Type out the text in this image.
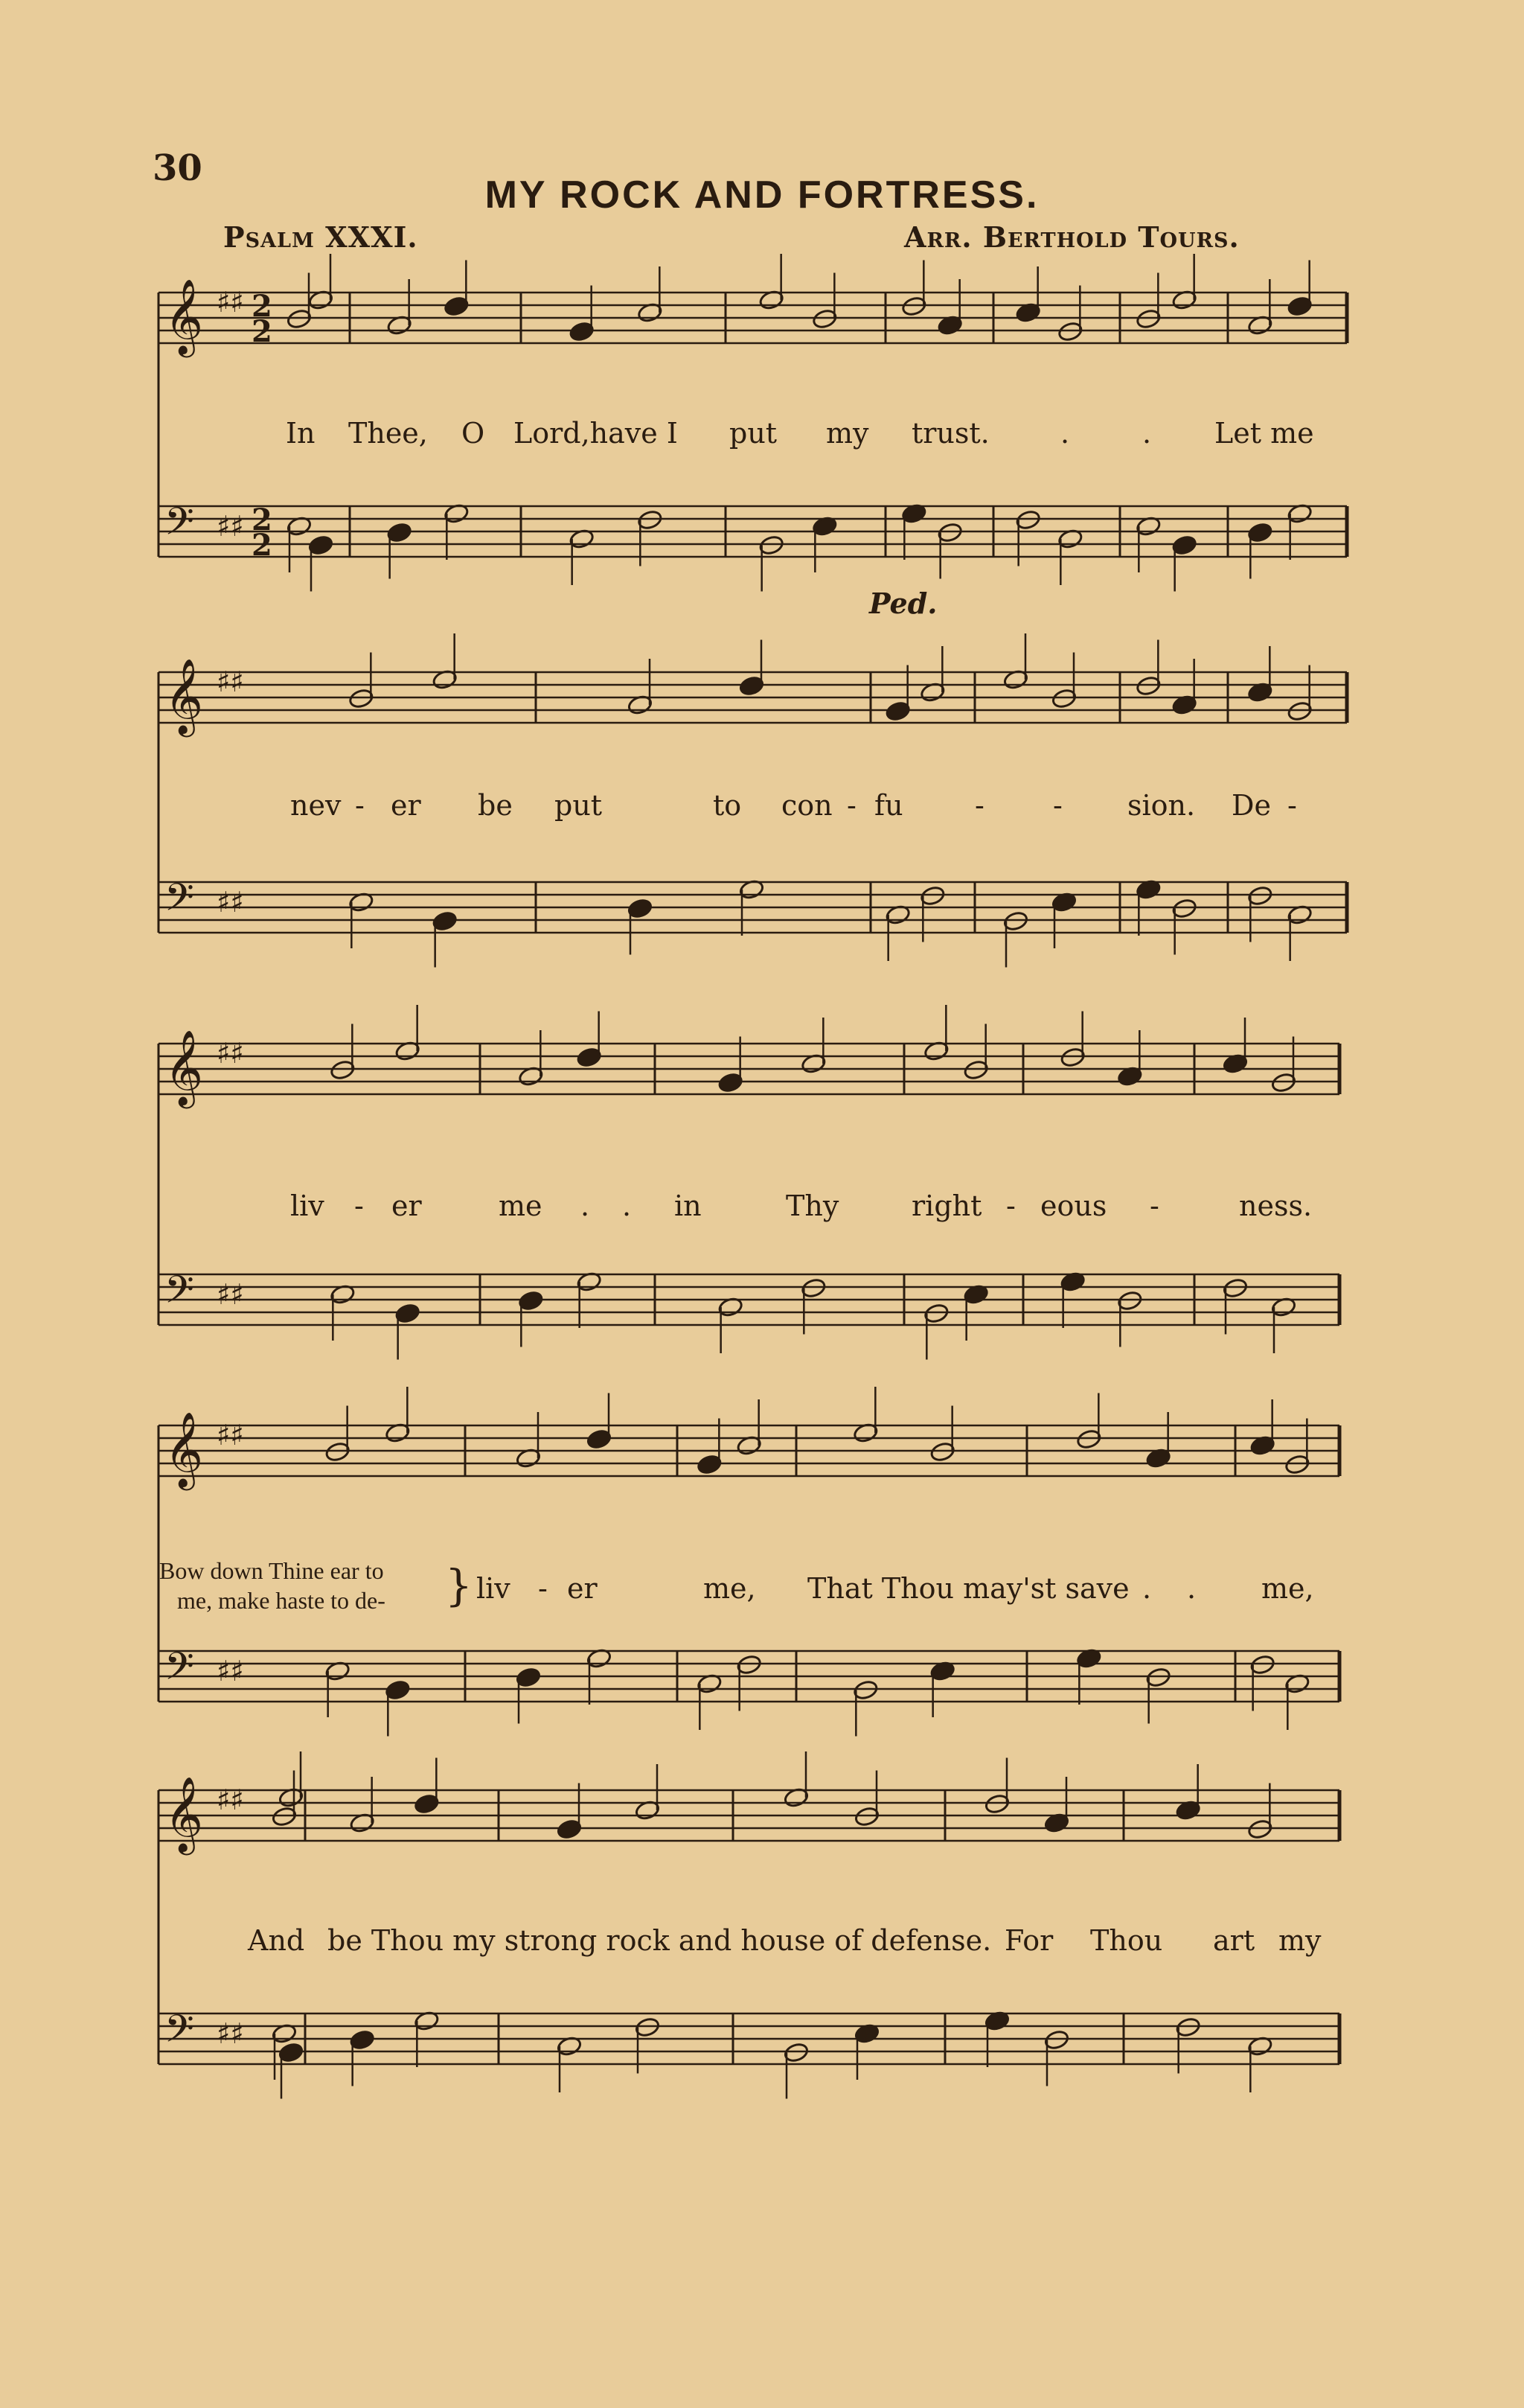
30
MY ROCK AND FORTRESS.
Psalm XXXI.	Arr. Berthold Tours.
𝄞 ♯♯
𝄢 ♯♯
2
2
2
2
𝄞 ♯♯
𝄢 ♯♯
𝄞 ♯♯
𝄢 ♯♯
𝄞 ♯♯
𝄢 ♯♯
𝄞 ♯♯
𝄢 ♯♯
In Thee, O Lord,have I put my trust.	.	. Let me
Ped.
nev - er be put	to con - fu	- - sion. De -
liv - er	me . . in	Thy	right - eous -	ness.
Bow down Thine ear to
me, make haste to de- } liv - er	me, That Thou may'st save . . me,
And be Thou my strong rock and house of defense. For Thou art my
